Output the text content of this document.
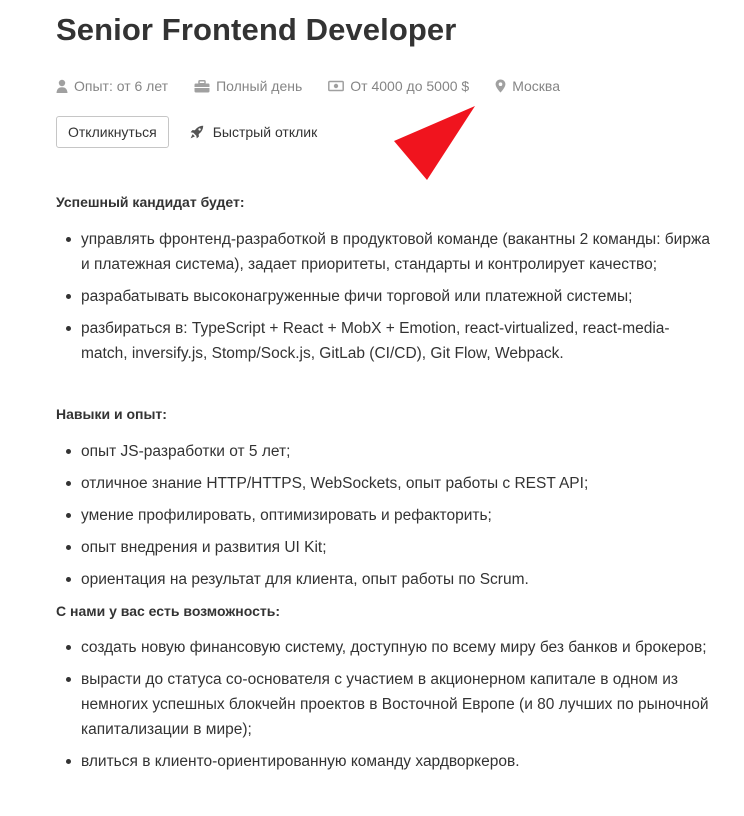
Senior Frontend Developer
Опыт: от 6 лет	Полный день	От 4000 до 5000 $	Москва
Откликнуться	Быстрый отклик
Успешный кандидат будет:
управлять фронтенд-разработкой в продуктовой команде (вакантны 2 команды: биржа и платежная система), задает приоритеты, стандарты и контролирует качество;
разрабатывать высоконагруженные фичи торговой или платежной системы;
разбираться в: TypeScript + React + MobX + Emotion, react-virtualized, react-media-match, inversify.js, Stomp/Sock.js, GitLab (CI/CD), Git Flow, Webpack.
Навыки и опыт:
опыт JS-разработки от 5 лет;
отличное знание HTTP/HTTPS, WebSockets, опыт работы с REST API;
умение профилировать, оптимизировать и рефакторить;
опыт внедрения и развития UI Kit;
ориентация на результат для клиента, опыт работы по Scrum.
С нами у вас есть возможность:
создать новую финансовую систему, доступную по всему миру без банков и брокеров;
вырасти до статуса со-основателя с участием в акционерном капитале в одном из немногих успешных блокчейн проектов в Восточной Европе (и 80 лучших по рыночной капитализации в мире);
влиться в клиенто-ориентированную команду хардворкеров.
